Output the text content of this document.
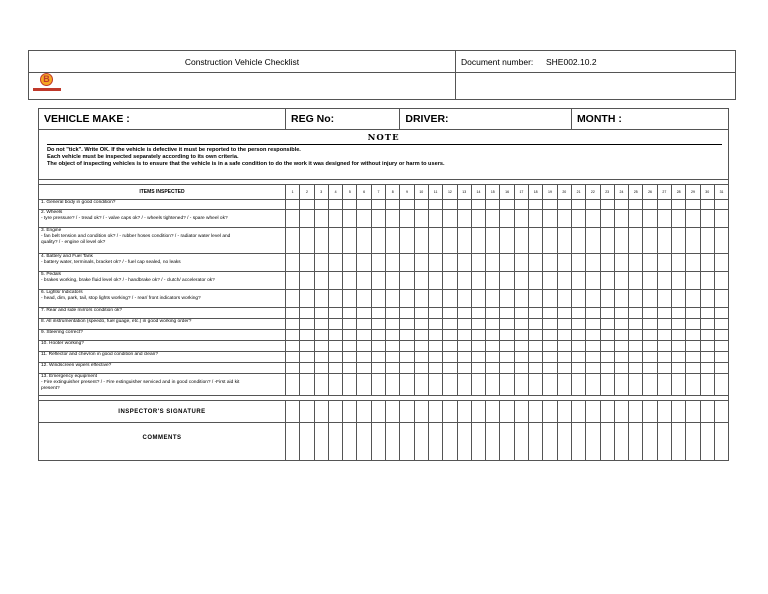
Construction Vehicle Checklist	Document number: SHE002.10.2
B
VEHICLE MAKE :	REG No:								DRIVER:												MONTH :										

NOTE
Do not "tick". Write OK. If the vehicle is defective it must be reported to the person responsible.
Each vehicle must be inspected separately according to its own criteria.
The object of inspecting vehicles is to ensure that the vehicle is in a safe condition to do the work it was designed for without injury or harm to users.																															

ITEMS INSPECTED	1	2	3	4	5	6	7	8	9	10	11	12	13	14	15	16	17	18	19	20	21	22	23	24	25	26	27	28	29	30	31

1. General body in good condition?																															

2. Wheels
- tyre pressure? / - tread ok? / - valve caps ok? / - wheels tightened? / - spare wheel ok?																															

3. Engine
- fan belt tension and condition ok? / - rubber hoses condition? / - radiator water level and
quality? / - engine oil level ok?																															

4. Battery and Fuel Tank
- battery water, terminals, bracket ok? / - fuel cap sealed, no leaks																															

5. Pedals
- brakes working, brake fluid level ok? / - handbrake ok? / - clutch/ accelerator ok?																															

6. Lights/ Indicators
- head, dim, park, tail, stop lights working? / - rear/ front indicators working?																															

7. Rear and side mirrors condition ok?																															

8. All instrumentation (speedo, fuel guage, etc.) in good working order?																															

9. Steering correct?																															

10. Hooter working?																															

11. Reflector and chevron in good condition and clean?																															

12. Windscreen wipers effective?																															

13. Emergency equipment
- Fire extinguisher present? / - Fire extinguisher serviced and in good condition? / -First aid kit
present?																															

INSPECTOR'S SIGNATURE																															
COMMENTS																															
